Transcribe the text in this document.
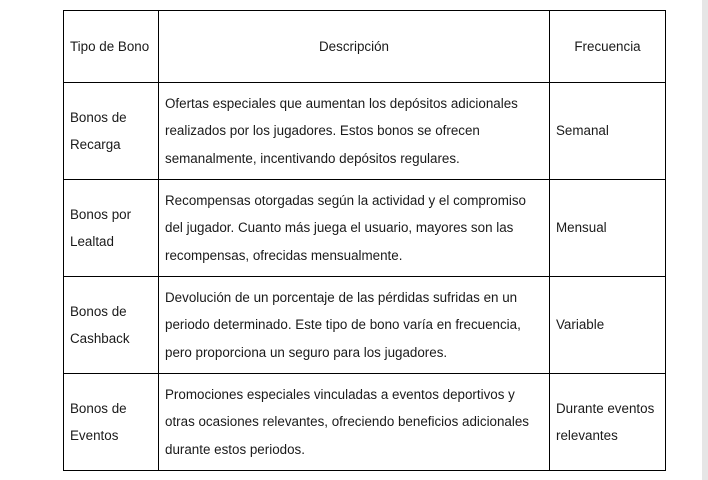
Tipo de Bono	Descripción	Frecuencia
Bonos de Recarga	Ofertas especiales que aumentan los depósitos adicionales realizados por los jugadores. Estos bonos se ofrecen semanalmente, incentivando depósitos regulares.	Semanal
Bonos por Lealtad	Recompensas otorgadas según la actividad y el compromiso del jugador. Cuanto más juega el usuario, mayores son las recompensas, ofrecidas mensualmente.	Mensual
Bonos de Cashback	Devolución de un porcentaje de las pérdidas sufridas en un periodo determinado. Este tipo de bono varía en frecuencia, pero proporciona un seguro para los jugadores.	Variable
Bonos de Eventos	Promociones especiales vinculadas a eventos deportivos y otras ocasiones relevantes, ofreciendo beneficios adicionales durante estos periodos.	Durante eventos relevantes
